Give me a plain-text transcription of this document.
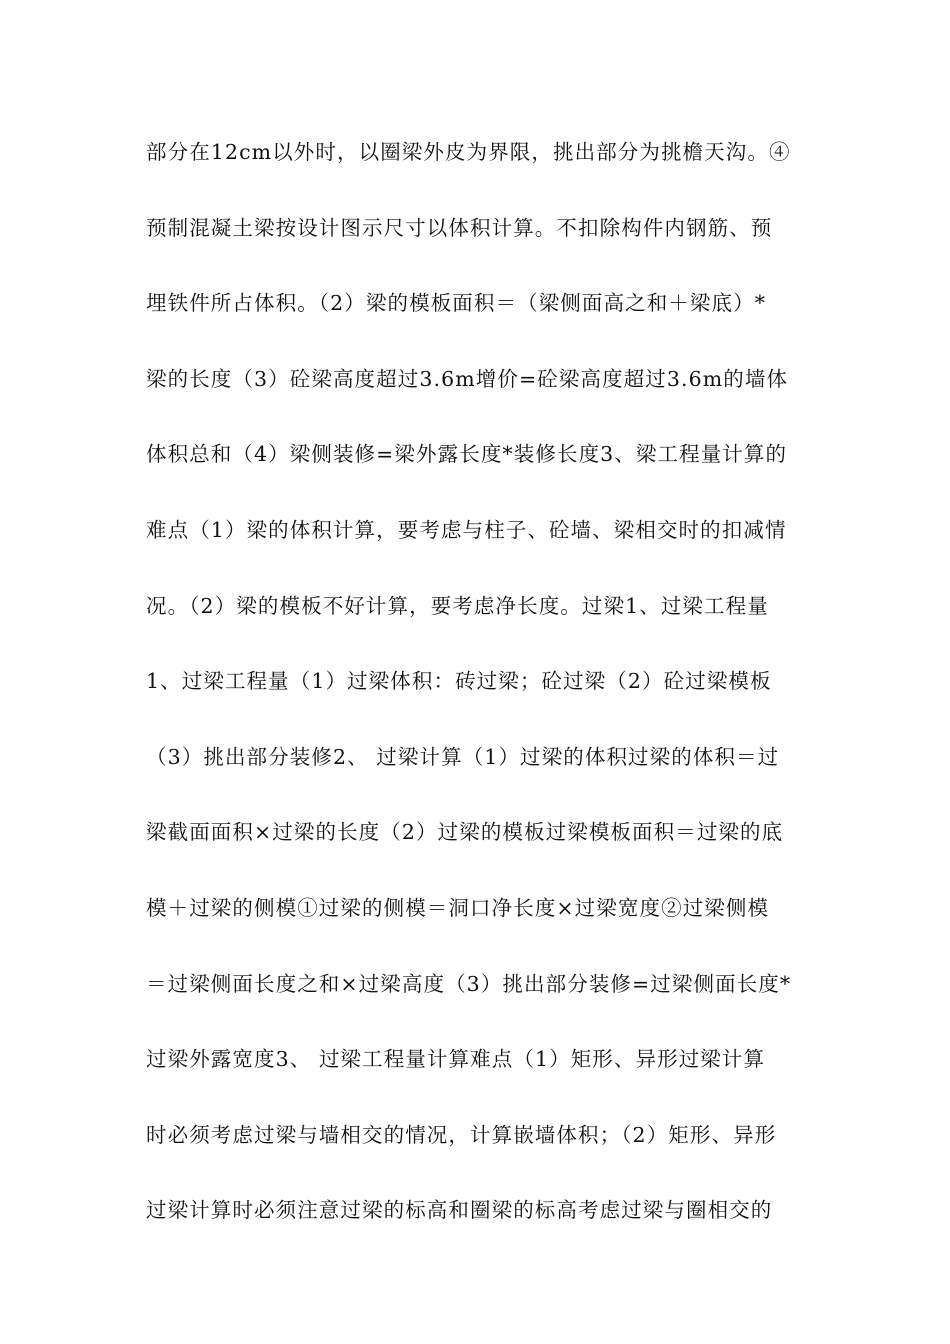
部分在12cm以外时，以圈梁外皮为界限，挑出部分为挑檐天沟。④
预制混凝土梁按设计图示尺寸以体积计算。不扣除构件内钢筋、预
埋铁件所占体积。（2）梁的模板面积＝（梁侧面高之和＋梁底）*
梁的长度（3）砼梁高度超过3.6m增价=砼梁高度超过3.6m的墙体
体积总和（4）梁侧装修=梁外露长度*装修长度3、梁工程量计算的
难点（1）梁的体积计算，要考虑与柱子、砼墙、梁相交时的扣减情
况。（2）梁的模板不好计算，要考虑净长度。过梁1、过梁工程量
1、过梁工程量（1）过梁体积：砖过梁；砼过梁（2）砼过梁模板
（3）挑出部分装修2、 过梁计算（1）过梁的体积过梁的体积＝过
梁截面面积×过梁的长度（2）过梁的模板过梁模板面积＝过梁的底
模＋过梁的侧模①过梁的侧模＝洞口净长度×过梁宽度②过梁侧模
＝过梁侧面长度之和×过梁高度（3）挑出部分装修=过梁侧面长度*
过梁外露宽度3、 过梁工程量计算难点（1）矩形、异形过梁计算
时必须考虑过梁与墙相交的情况，计算嵌墙体积；（2）矩形、异形
过梁计算时必须注意过梁的标高和圈梁的标高考虑过梁与圈相交的
